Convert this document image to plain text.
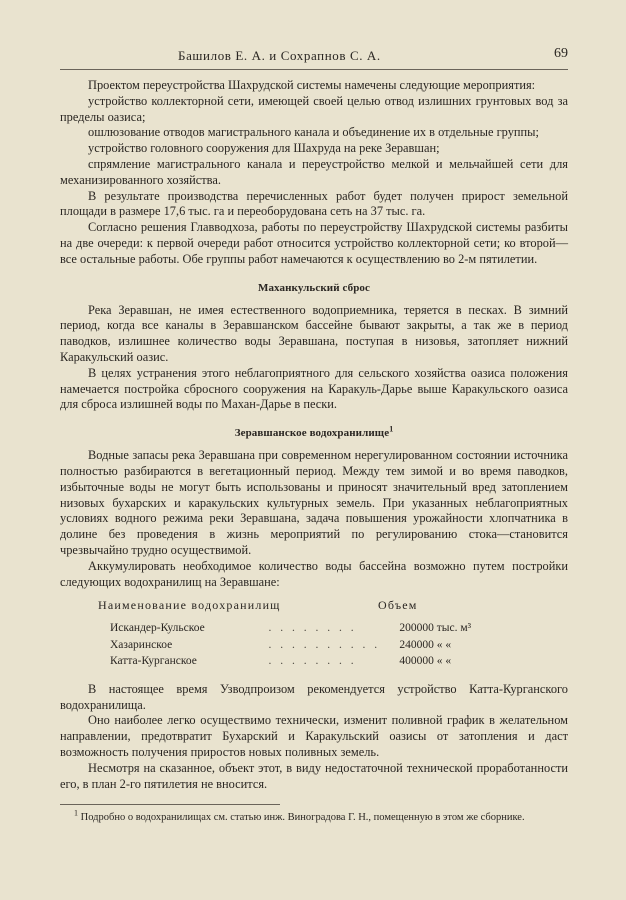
Башилов Е. А. и Сохрапнов С. А.	69

Проектом переустройства Шахрудской системы намечены следующие мероприятия:

устройство коллекторной сети, имеющей своей целью отвод излишних грунтовых вод за пределы оазиса;

ошлюзование отводов магистрального канала и объединение их в отдельные группы;

устройство головного сооружения для Шахруда на реке Зеравшан;

спрямление магистрального канала и переустройство мелкой и мельчайшей сети для механизированного хозяйства.

В результате производства перечисленных работ будет получен прирост земельной площади в размере 17,6 тыс. га и переоборудована сеть на 37 тыс. га.

Согласно решения Главводхоза, работы по переустройству Шахрудской системы разбиты на две очереди: к первой очереди работ относится устройство коллекторной сети; ко второй—все остальные работы. Обе группы работ намечаются к осуществлению во 2-м пятилетии.

Маханкульский сброс

Река Зеравшан, не имея естественного водоприемника, теряется в песках. В зимний период, когда все каналы в Зеравшанском бассейне бывают закрыты, а так же в период паводков, излишнее количество воды Зеравшана, поступая в низовья, затопляет нижний Каракульский оазис.

В целях устранения этого неблагоприятного для сельского хозяйства оазиса положения намечается постройка сбросного сооружения на Каракуль-Дарье выше Каракульского оазиса для сброса излишней воды по Махан-Дарье в пески.

Зеравшанское водохранилище$^1$

Водные запасы река Зеравшана при современном нерегулированном состоянии источника полностью разбираются в вегетационный период. Между тем зимой и во время паводков, избыточные воды не могут быть использованы и приносят значительный вред затоплением низовых бухарских и каракульских культурных земель. При указанных неблагоприятных условиях водного режима реки Зеравшана, задача повышения урожайности хлопчатника в долине без проведения в жизнь мероприятий по регулированию стока—становится чрезвычайно трудно осуществимой.

Аккумулировать необходимое количество воды бассейна возможно путем постройки следующих водохранилищ на Зеравшане:

Наименование водохранилищ	Объем
Искандер-Кульское	. . . . . . . .	200000 тыс. м³
Хазаринское	. . . . . . . . . .	240000 « «
Катта-Курганское	. . . . . . . .	400000 « «

В настоящее время Узводпроизом рекомендуется устройство Катта-Курганского водохранилища.

Оно наиболее легко осуществимо технически, изменит поливной график в желательном направлении, предотвратит Бухарский и Каракульский оазисы от затопления и даст возможность получения приростов новых поливных земель.

Несмотря на сказанное, объект этот, в виду недостаточной технической проработанности его, в план 2-го пятилетия не вносится.

$^1$ Подробно о водохранилищах см. статью инж. Виноградова Г. Н., помещенную в этом же сборнике.
